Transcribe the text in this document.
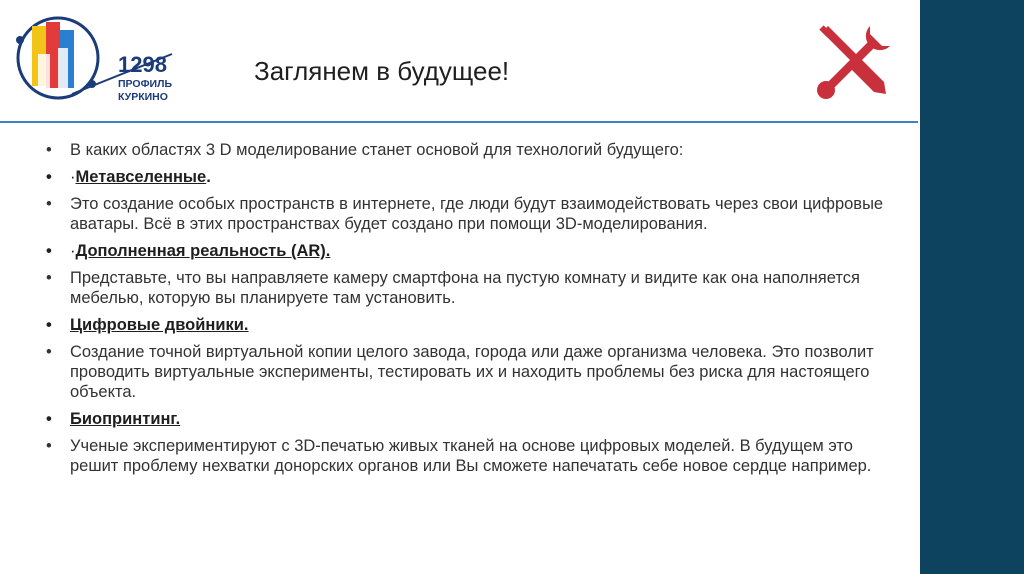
1298
ПРОФИЛЬ
КУРКИНО
Заглянем в будущее!
• В каких областях 3 D моделирование станет основой для технологий будущего:
• ·Метавселенные.
• Это создание особых пространств в интернете, где люди будут взаимодействовать через свои цифровые аватары. Всё в этих пространствах будет создано при помощи 3D-моделирования.
• ·Дополненная реальность (AR).
• Представьте, что вы направляете камеру смартфона на пустую комнату и видите как она наполняется мебелью, которую вы планируете там установить.
• Цифровые двойники.
• Создание точной виртуальной копии целого завода, города или даже организма человека. Это позволит проводить виртуальные эксперименты, тестировать их и находить проблемы без риска для настоящего объекта.
• Биопринтинг.
• Ученые экспериментируют с 3D-печатью живых тканей на основе цифровых моделей. В будущем это решит проблему нехватки донорских органов или Вы сможете напечатать себе новое сердце например.
